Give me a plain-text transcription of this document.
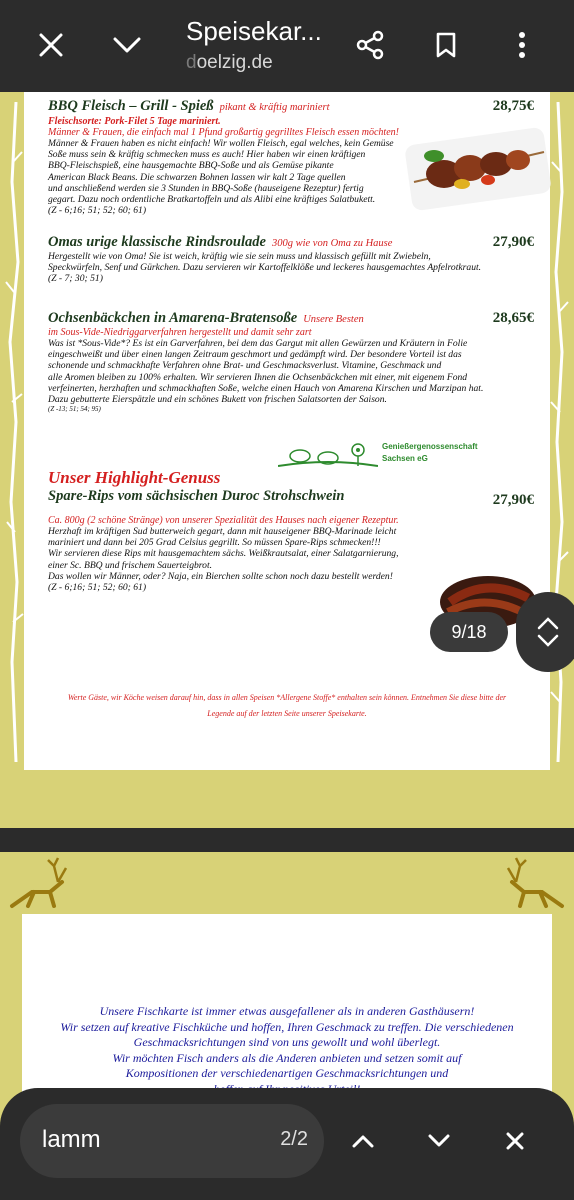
Speisekar...
doelzig.de
BBQ Fleisch – Grill - Spieß pikant & kräftig mariniert	28,75€
Fleischsorte: Pork-Filet 5 Tage mariniert.
Männer & Frauen, die einfach mal 1 Pfund großartig gegrilltes Fleisch essen möchten!
Männer & Frauen haben es nicht einfach! Wir wollen Fleisch, egal welches, kein Gemüse
Soße muss sein & kräftig schmecken muss es auch! Hier haben wir einen kräftigen
BBQ-Fleischspieß, eine hausgemachte BBQ-Soße und als Gemüse pikante
American Black Beans. Die schwarzen Bohnen lassen wir kalt 2 Tage quellen
und anschließend werden sie 3 Stunden in BBQ-Soße (hauseigene Rezeptur) fertig
gegart. Dazu noch ordentliche Bratkartoffeln und als Alibi eine kräftiges Salatbukett.
(Z - 6;16; 51; 52; 60; 61)
Omas urige klassische Rindsroulade 300g wie von Oma zu Hause	27,90€
Hergestellt wie von Oma! Sie ist weich, kräftig wie sie sein muss und klassisch gefüllt mit Zwiebeln,
Speckwürfeln, Senf und Gürkchen. Dazu servieren wir Kartoffelklöße und leckeres hausgemachtes Apfelrotkraut.
(Z - 7; 30; 51)
Ochsenbäckchen in Amarena-Bratensoße Unsere Besten	28,65€
im Sous-Vide-Niedriggarverfahren hergestellt und damit sehr zart
Was ist *Sous-Vide*? Es ist ein Garverfahren, bei dem das Gargut mit allen Gewürzen und Kräutern in Folie
eingeschweißt und über einen langen Zeitraum geschmort und gedämpft wird. Der besondere Vorteil ist das
schonende und schmackhafte Verfahren ohne Brat- und Geschmacksverlust. Vitamine, Geschmack und
alle Aromen bleiben zu 100% erhalten. Wir servieren Ihnen die Ochsenbäckchen mit einer, mit eigenem Fond
verfeinerten, herzhaften und schmackhaften Soße, welche einen Hauch von Amarena Kirschen und Marzipan hat.
Dazu gebutterte Eierspätzle und ein schönes Bukett von frischen Salatsorten der Saison.
(Z -13; 51; 54; 95)
Genießergenossenschaft
Sachsen eG
Unser Highlight-Genuss
Spare-Rips vom sächsischen Duroc Strohschwein	27,90€
Ca. 800g (2 schöne Stränge) von unserer Spezialität des Hauses nach eigener Rezeptur.
Herzhaft im kräftigen Sud butterweich gegart, dann mit hauseigener BBQ-Marinade leicht
mariniert und dann bei 205 Grad Celsius gegrillt. So müssen Spare-Rips schmecken!!!
Wir servieren diese Rips mit hausgemachtem sächs. Weißkrautsalat, einer Salatgarnierung,
einer Sc. BBQ und frischem Sauerteigbrot.
Das wollen wir Männer, oder? Naja, ein Bierchen sollte schon noch dazu bestellt werden!
(Z - 6;16; 51; 52; 60; 61)
Werte Gäste, wir Köche weisen darauf hin, dass in allen Speisen *Allergene Stoffe* enthalten sein können. Entnehmen Sie diese bitte der
Legende auf der letzten Seite unserer Speisekarte.
Unsere Fischkarte ist immer etwas ausgefallener als in anderen Gasthäusern!
Wir setzen auf kreative Fischküche und hoffen, Ihren Geschmack zu treffen. Die verschiedenen
Geschmacksrichtungen sind von uns gewollt und wohl überlegt.
Wir möchten Fisch anders als die Anderen anbieten und setzen somit auf
Kompositionen der verschiedenartigen Geschmacksrichtungen und
9/18
lamm	2/2
